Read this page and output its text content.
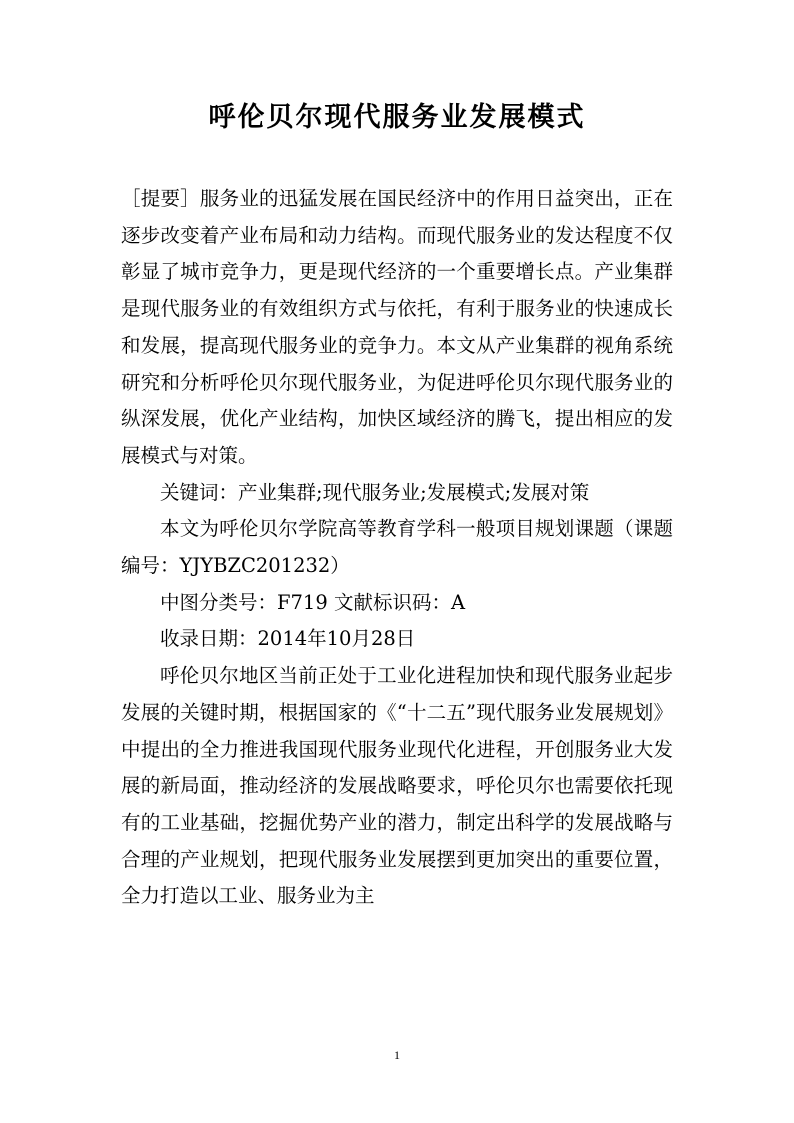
呼伦贝尔现代服务业发展模式

［提要］服务业的迅猛发展在国民经济中的作用日益突出，正在逐步改变着产业布局和动力结构。而现代服务业的发达程度不仅彰显了城市竞争力，更是现代经济的一个重要增长点。产业集群是现代服务业的有效组织方式与依托，有利于服务业的快速成长和发展，提高现代服务业的竞争力。本文从产业集群的视角系统研究和分析呼伦贝尔现代服务业，为促进呼伦贝尔现代服务业的纵深发展，优化产业结构，加快区域经济的腾飞，提出相应的发展模式与对策。

关键词：产业集群;现代服务业;发展模式;发展对策

本文为呼伦贝尔学院高等教育学科一般项目规划课题（课题编号：YJYBZC201232）

中图分类号：F719 文献标识码：A

收录日期：2014年10月28日

呼伦贝尔地区当前正处于工业化进程加快和现代服务业起步发展的关键时期，根据国家的《“十二五”现代服务业发展规划》中提出的全力推进我国现代服务业现代化进程，开创服务业大发展的新局面，推动经济的发展战略要求，呼伦贝尔也需要依托现有的工业基础，挖掘优势产业的潜力，制定出科学的发展战略与合理的产业规划，把现代服务业发展摆到更加突出的重要位置，全力打造以工业、服务业为主

1
